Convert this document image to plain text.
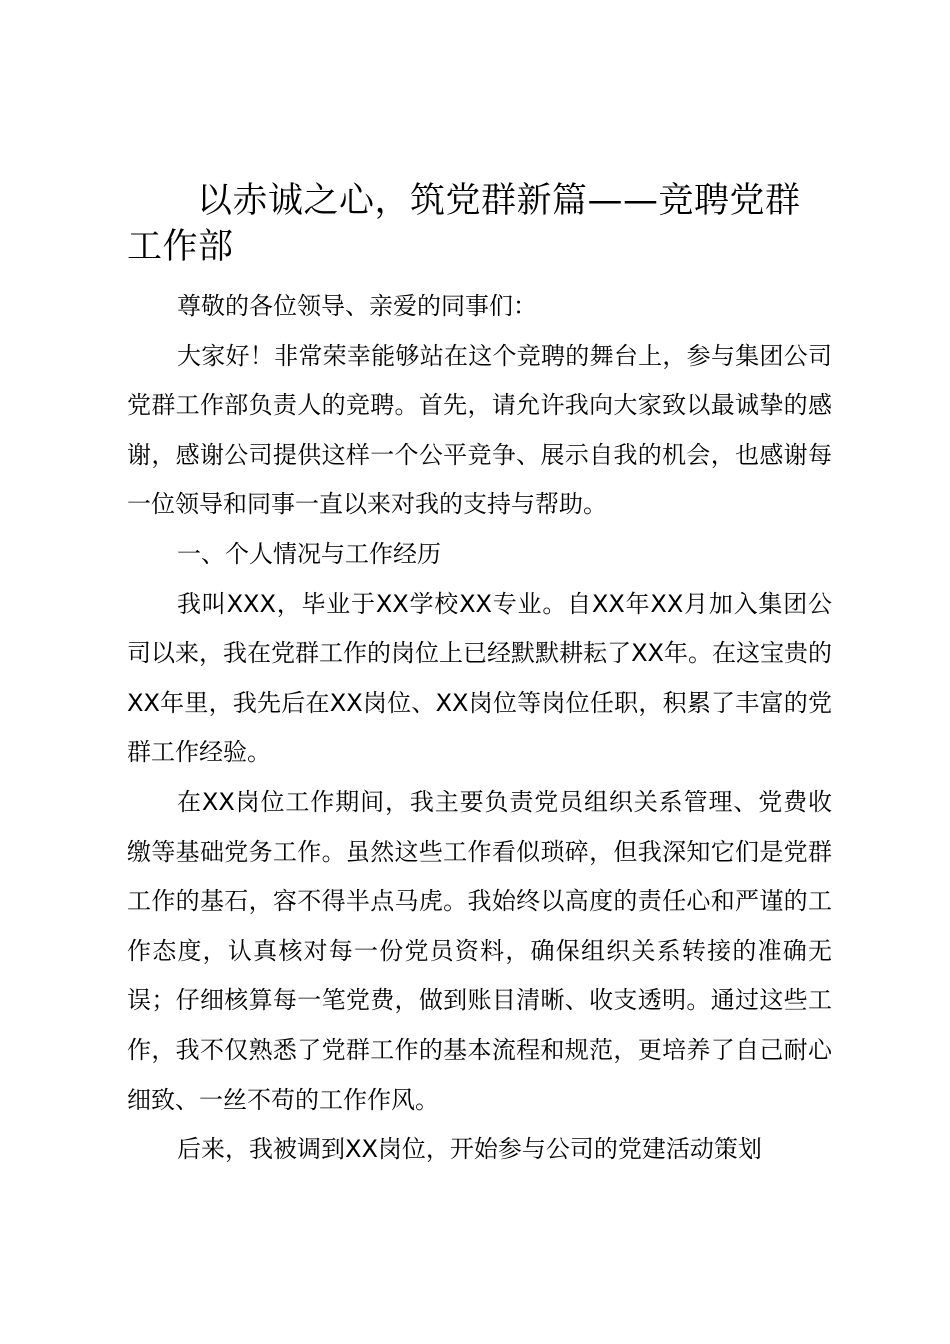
以赤诚之心，筑党群新篇——竞聘党群工作部

尊敬的各位领导、亲爱的同事们：

大家好！非常荣幸能够站在这个竞聘的舞台上，参与集团公司党群工作部负责人的竞聘。首先，请允许我向大家致以最诚挚的感谢，感谢公司提供这样一个公平竞争、展示自我的机会，也感谢每一位领导和同事一直以来对我的支持与帮助。

一、个人情况与工作经历

我叫XXX，毕业于XX学校XX专业。自XX年XX月加入集团公司以来，我在党群工作的岗位上已经默默耕耘了XX年。在这宝贵的XX年里，我先后在XX岗位、XX岗位等岗位任职，积累了丰富的党群工作经验。

在XX岗位工作期间，我主要负责党员组织关系管理、党费收缴等基础党务工作。虽然这些工作看似琐碎，但我深知它们是党群工作的基石，容不得半点马虎。我始终以高度的责任心和严谨的工作态度，认真核对每一份党员资料，确保组织关系转接的准确无误；仔细核算每一笔党费，做到账目清晰、收支透明。通过这些工作，我不仅熟悉了党群工作的基本流程和规范，更培养了自己耐心细致、一丝不苟的工作作风。

后来，我被调到XX岗位，开始参与公司的党建活动策划
